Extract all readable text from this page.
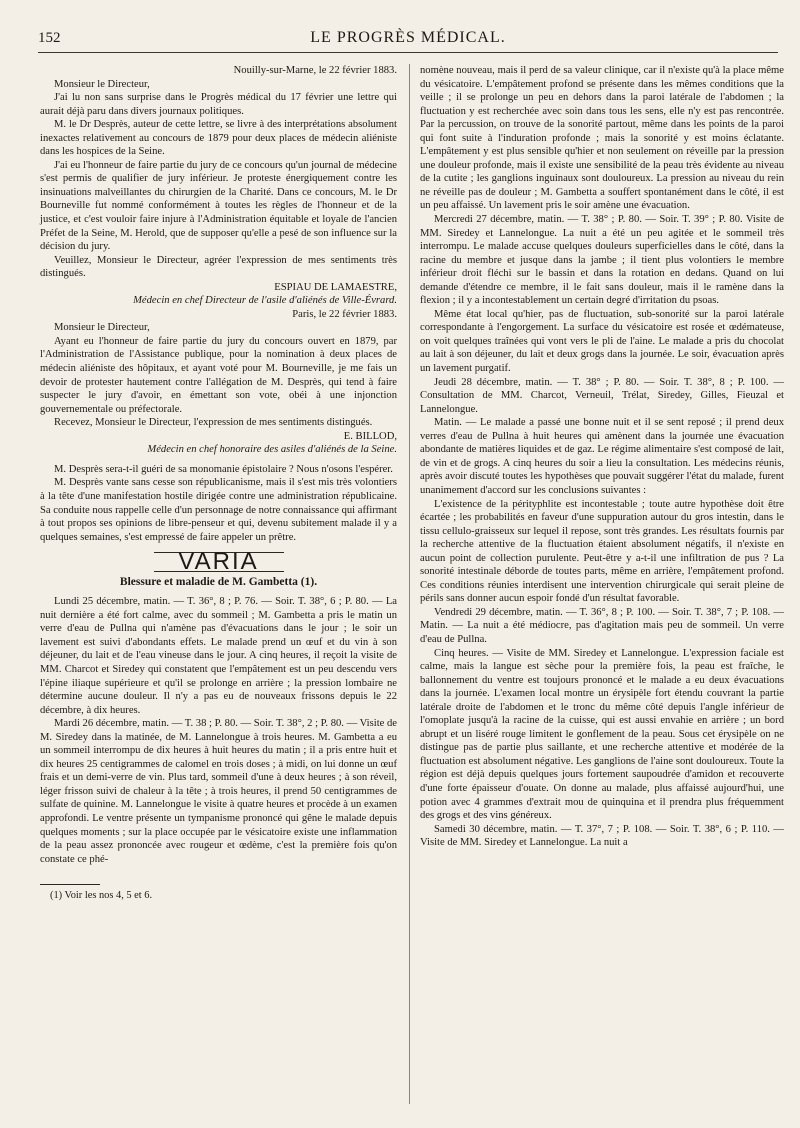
152	LE PROGRÈS MÉDICAL.

Nouilly-sur-Marne, le 22 février 1883.

Monsieur le Directeur,

J'ai lu non sans surprise dans le Progrès médical du 17 février une lettre qui aurait déjà paru dans divers journaux politiques.

M. le Dr Desprès, auteur de cette lettre, se livre à des interprétations absolument inexactes relativement au concours de 1879 pour deux places de médecin aliéniste dans les hospices de la Seine.

J'ai eu l'honneur de faire partie du jury de ce concours qu'un journal de médecine s'est permis de qualifier de jury inférieur. Je proteste énergiquement contre les insinuations malveillantes du chirurgien de la Charité. Dans ce concours, M. le Dr Bourneville fut nommé conformément à toutes les règles de l'honneur et de la justice, et c'est vouloir faire injure à l'Administration équitable et loyale de l'ancien Préfet de la Seine, M. Herold, que de supposer qu'elle a pesé de son influence sur la décision du jury.

Veuillez, Monsieur le Directeur, agréer l'expression de mes sentiments très distingués.

ESPIAU DE LAMAESTRE,

Médecin en chef Directeur de l'asile d'aliénés de Ville-Évrard.

Paris, le 22 février 1883.

Monsieur le Directeur,

Ayant eu l'honneur de faire partie du jury du concours ouvert en 1879, par l'Administration de l'Assistance publique, pour la nomination à deux places de médecin aliéniste des hôpitaux, et ayant voté pour M. Bourneville, je me fais un devoir de protester hautement contre l'allégation de M. Desprès, qui tend à faire suspecter le jury d'avoir, en émettant son vote, obéi à une injonction gouvernementale ou préfectorale.

Recevez, Monsieur le Directeur, l'expression de mes sentiments distingués.

E. BILLOD,

Médecin en chef honoraire des asiles d'aliénés de la Seine.

M. Desprès sera-t-il guéri de sa monomanie épistolaire ? Nous n'osons l'espérer.

M. Desprès vante sans cesse son républicanisme, mais il s'est mis très volontiers à la tête d'une manifestation hostile dirigée contre une administration républicaine. Sa conduite nous rappelle celle d'un personnage de notre connaissance qui affirmant à tout propos ses opinions de libre-penseur et qui, devenu subitement malade il y a quelques semaines, s'est empressé de faire appeler un prêtre.

VARIA

Blessure et maladie de M. Gambetta (1).

Lundi 25 décembre, matin. — T. 36°, 8 ; P. 76. — Soir. T. 38°, 6 ; P. 80. — La nuit dernière a été fort calme, avec du sommeil ; M. Gambetta a pris le matin un verre d'eau de Pullna qui n'amène pas d'évacuations dans le jour ; le soir un lavement est suivi d'abondants effets. Le malade prend un œuf et du vin à son déjeuner, du lait et de l'eau vineuse dans le jour. A cinq heures, il reçoit la visite de MM. Charcot et Siredey qui constatent que l'empâtement est un peu descendu vers l'épine iliaque supérieure et qu'il se prolonge en arrière ; la pression lombaire ne détermine aucune douleur. Il n'y a pas eu de nouveaux frissons depuis le 22 décembre, à dix heures.

Mardi 26 décembre, matin. — T. 38 ; P. 80. — Soir. T. 38°, 2 ; P. 80. — Visite de M. Siredey dans la matinée, de M. Lannelongue à trois heures. M. Gambetta a eu un sommeil interrompu de dix heures à huit heures du matin ; il a pris entre huit et dix heures 25 centigrammes de calomel en trois doses ; à midi, on lui donne un œuf frais et un demi-verre de vin. Plus tard, sommeil d'une à deux heures ; à son réveil, léger frisson suivi de chaleur à la tête ; à trois heures, il prend 50 centigrammes de sulfate de quinine. M. Lannelongue le visite à quatre heures et procède à un examen approfondi. Le ventre présente un tympanisme prononcé qui gêne le malade depuis quelques moments ; sur la place occupée par le vésicatoire existe une inflammation de la peau assez prononcée avec rougeur et œdème, c'est la première fois qu'on constate ce phé-

(1) Voir les nos 4, 5 et 6.

nomène nouveau, mais il perd de sa valeur clinique, car il n'existe qu'à la place même du vésicatoire. L'empâtement profond se présente dans les mêmes conditions que la veille ; il se prolonge un peu en dehors dans la paroi latérale de l'abdomen ; la fluctuation y est recherchée avec soin dans tous les sens, elle n'y est pas rencontrée. Par la percussion, on trouve de la sonorité partout, même dans les points de la paroi qui font suite à l'induration profonde ; mais la sonorité y est moins éclatante. L'empâtement y est plus sensible qu'hier et non seulement on réveille par la pression une douleur profonde, mais il existe une sensibilité de la peau très évidente au niveau de la cutite ; les ganglions inguinaux sont douloureux. La pression au niveau du rein ne réveille pas de douleur ; M. Gambetta a souffert spontanément dans le côté, il est un peu affaissé. Un lavement pris le soir amène une évacuation.

Mercredi 27 décembre, matin. — T. 38° ; P. 80. — Soir. T. 39° ; P. 80. Visite de MM. Siredey et Lannelongue. La nuit a été un peu agitée et le sommeil très interrompu. Le malade accuse quelques douleurs superficielles dans le côté, dans la racine du membre et jusque dans la jambe ; il tient plus volontiers le membre inférieur droit fléchi sur le bassin et dans la rotation en dedans. Quand on lui demande d'étendre ce membre, il le fait sans douleur, mais il le ramène dans la flexion ; il y a incontestablement un certain degré d'irritation du psoas.

Même état local qu'hier, pas de fluctuation, sub-sonorité sur la paroi latérale correspondante à l'engorgement. La surface du vésicatoire est rosée et œdémateuse, on voit quelques traînées qui vont vers le pli de l'aine. Le malade a pris du chocolat au lait à son déjeuner, du lait et deux grogs dans la journée. Le soir, évacuation après un lavement purgatif.

Jeudi 28 décembre, matin. — T. 38° ; P. 80. — Soir. T. 38°, 8 ; P. 100. — Consultation de MM. Charcot, Verneuil, Trélat, Siredey, Gilles, Fieuzal et Lannelongue.

Matin. — Le malade a passé une bonne nuit et il se sent reposé ; il prend deux verres d'eau de Pullna à huit heures qui amènent dans la journée une évacuation abondante de matières liquides et de gaz. Le régime alimentaire s'est composé de lait, de vin et de grogs. A cinq heures du soir a lieu la consultation. Les médecins réunis, après avoir discuté toutes les hypothèses que pouvait suggérer l'état du malade, furent unanimement d'accord sur les conclusions suivantes :

L'existence de la pérityphlite est incontestable ; toute autre hypothèse doit être écartée ; les probabilités en faveur d'une suppuration autour du gros intestin, dans le tissu cellulo-graisseux sur lequel il repose, sont très grandes. Les résultats fournis par la recherche attentive de la fluctuation étaient absolument négatifs, il n'existe en aucun point de collection purulente. Peut-être y a-t-il une infiltration de pus ? La sonorité intestinale déborde de toutes parts, même en arrière, l'empâtement profond. Ces conditions réunies interdisent une intervention chirurgicale qui serait pleine de périls sans donner aucun espoir fondé d'un résultat favorable.

Vendredi 29 décembre, matin. — T. 36°, 8 ; P. 100. — Soir. T. 38°, 7 ; P. 108. — Matin. — La nuit a été médiocre, pas d'agitation mais peu de sommeil. Un verre d'eau de Pullna.

Cinq heures. — Visite de MM. Siredey et Lannelongue. L'expression faciale est calme, mais la langue est sèche pour la première fois, la peau est fraîche, le ballonnement du ventre est toujours prononcé et le malade a eu deux évacuations dans la journée. L'examen local montre un érysipèle fort étendu couvrant la partie latérale droite de l'abdomen et le tronc du même côté depuis l'angle inférieur de l'omoplate jusqu'à la racine de la cuisse, qui est aussi envahie en arrière ; un bord abrupt et un liséré rouge limitent le gonflement de la peau. Sous cet érysipèle on ne distingue pas de partie plus saillante, et une recherche attentive et modérée de la fluctuation est absolument négative. Les ganglions de l'aine sont douloureux. Toute la région est déjà depuis quelques jours fortement saupoudrée d'amidon et recouverte d'une forte épaisseur d'ouate. On donne au malade, plus affaissé aujourd'hui, une potion avec 4 grammes d'extrait mou de quinquina et il prendra plus fréquemment des grogs et des vins généreux.

Samedi 30 décembre, matin. — T. 37°, 7 ; P. 108. — Soir. T. 38°, 6 ; P. 110. — Visite de MM. Siredey et Lannelongue. La nuit a
